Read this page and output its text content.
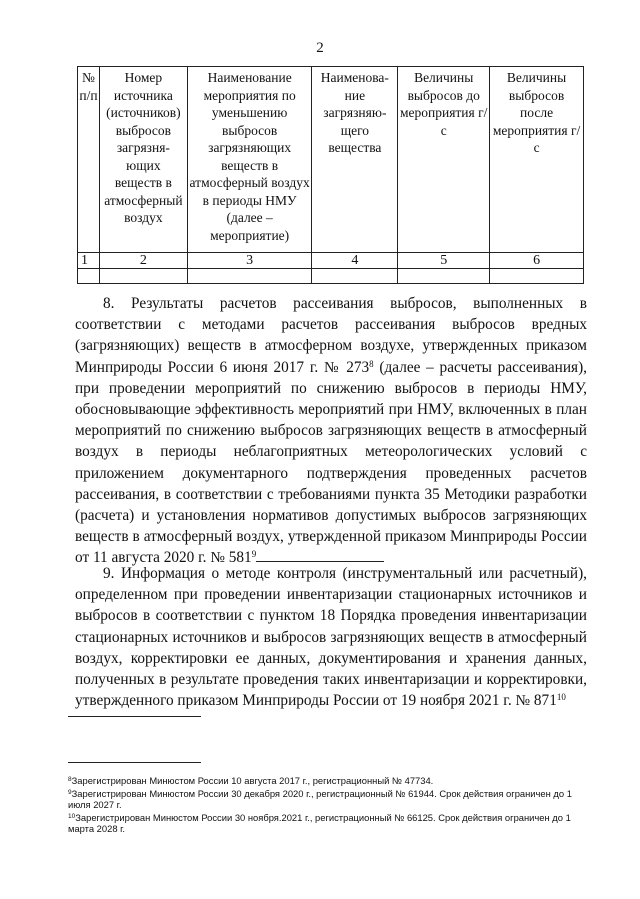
2
№ п/п	Номер источника (источников) выбросов загрязня-ющих веществ в атмосферный воздух	Наименование мероприятия по уменьшению выбросов загрязняющих веществ в атмосферный воздух в периоды НМУ (далее – мероприятие)	Наименова-ние загрязняю-щего вещества	Величины выбросов до мероприятия г/с	Величины выбросов после мероприятия г/с
1	2	3	4	5	6

8. Результаты расчетов рассеивания выбросов, выполненных в соответствии с методами расчетов рассеивания выбросов вредных (загрязняющих) веществ в атмосферном воздухе, утвержденных приказом Минприроды России 6 июня 2017 г. № $273^8$ (далее – расчеты рассеивания), при проведении мероприятий по снижению выбросов в периоды НМУ, обосновывающие эффективность мероприятий при НМУ, включенных в план мероприятий по снижению выбросов загрязняющих веществ в атмосферный воздух в периоды неблагоприятных метеорологических условий с приложением документарного подтверждения проведенных расчетов рассеивания, в соответствии с требованиями пункта 35 Методики разработки (расчета) и установления нормативов допустимых выбросов загрязняющих веществ в атмосферный воздух, утвержденной приказом Минприроды России от 11 августа 2020 г. № $581^9$

9. Информация о методе контроля (инструментальный или расчетный), определенном при проведении инвентаризации стационарных источников и выбросов в соответствии с пунктом 18 Порядка проведения инвентаризации стационарных источников и выбросов загрязняющих веществ в атмосферный воздух, корректировки ее данных, документирования и хранения данных, полученных в результате проведения таких инвентаризации и корректировки, утвержденного приказом Минприроды России от 19 ноября 2021 г. № $871^{10}$

$^8$Зарегистрирован Минюстом России 10 августа 2017 г., регистрационный № 47734.
$^9$Зарегистрирован Минюстом России 30 декабря 2020 г., регистрационный № 61944. Срок действия ограничен до 1 июля 2027 г.
$^{10}$Зарегистрирован Минюстом России 30 ноября.2021 г., регистрационный № 66125. Срок действия ограничен до 1 марта 2028 г.
